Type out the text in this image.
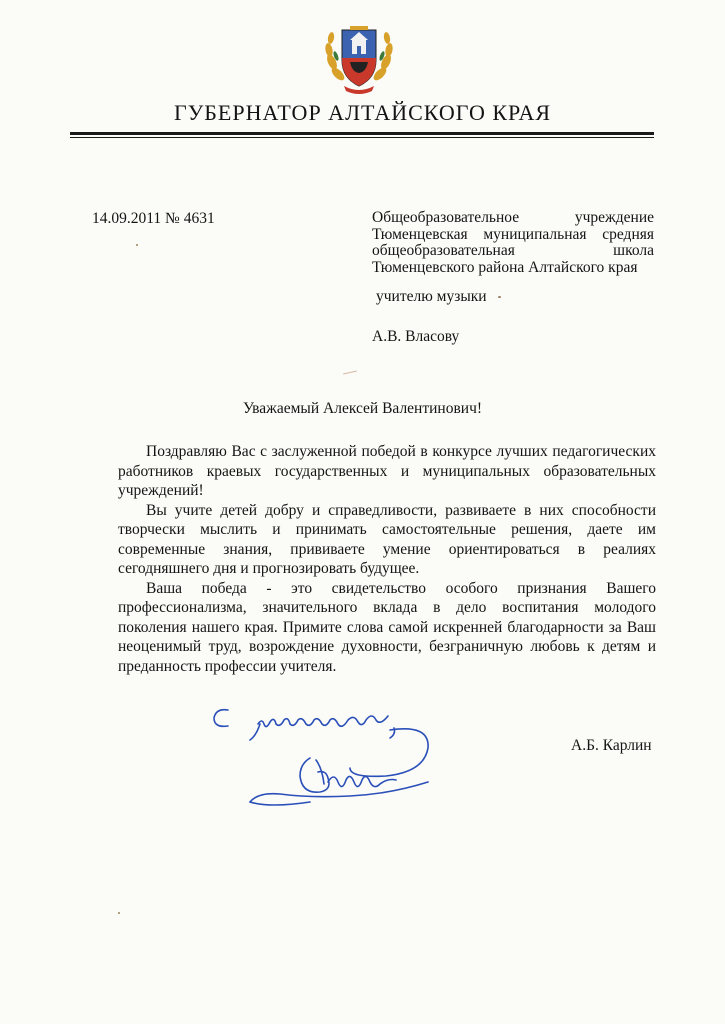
ГУБЕРНАТОР АЛТАЙСКОГО КРАЯ
14.09.2011 № 4631	Общеобразовательное учреждение Тюменцевская муниципальная средняя общеобразовательная школа Тюменцевского района Алтайского края
учителю музыки
А.В. Власову
Уважаемый Алексей Валентинович!

Поздравляю Вас с заслуженной победой в конкурсе лучших педагогических работников краевых государственных и муниципальных образовательных учреждений!

Вы учите детей добру и справедливости, развиваете в них способности творчески мыслить и принимать самостоятельные решения, даете им современные знания, прививаете умение ориентироваться в реалиях сегодняшнего дня и прогнозировать будущее.

Ваша победа - это свидетельство особого признания Вашего профессионализма, значительного вклада в дело воспитания молодого поколения нашего края. Примите слова самой искренней благодарности за Ваш неоценимый труд, возрождение духовности, безграничную любовь к детям и преданность профессии учителя.

А.Б. Карлин
